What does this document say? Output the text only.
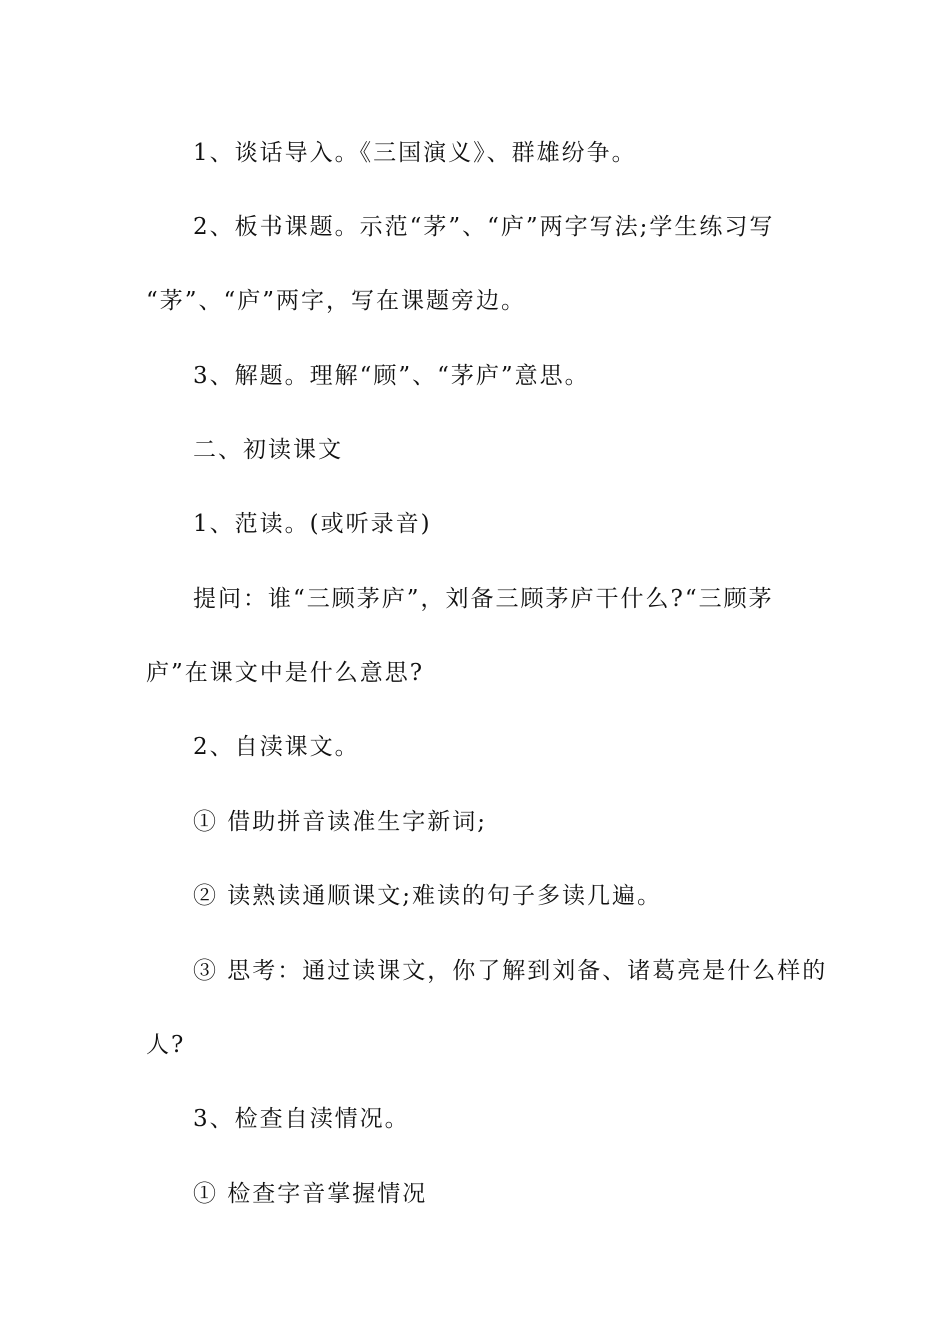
1、谈话导入。《三国演义》、群雄纷争。
2、板书课题。示范“茅”、“庐”两字写法;学生练习写
“茅”、“庐”两字，写在课题旁边。
3、解题。理解“顾”、“茅庐”意思。
二、初读课文
1、范读。(或听录音)
提问：谁“三顾茅庐”，刘备三顾茅庐干什么?“三顾茅
庐”在课文中是什么意思?
2、自渎课文。
① 借助拼音读准生字新词;
② 读熟读通顺课文;难读的句子多读几遍。
③ 思考：通过读课文，你了解到刘备、诸葛亮是什么样的
人?
3、检查自渎情况。
① 检查字音掌握情况
